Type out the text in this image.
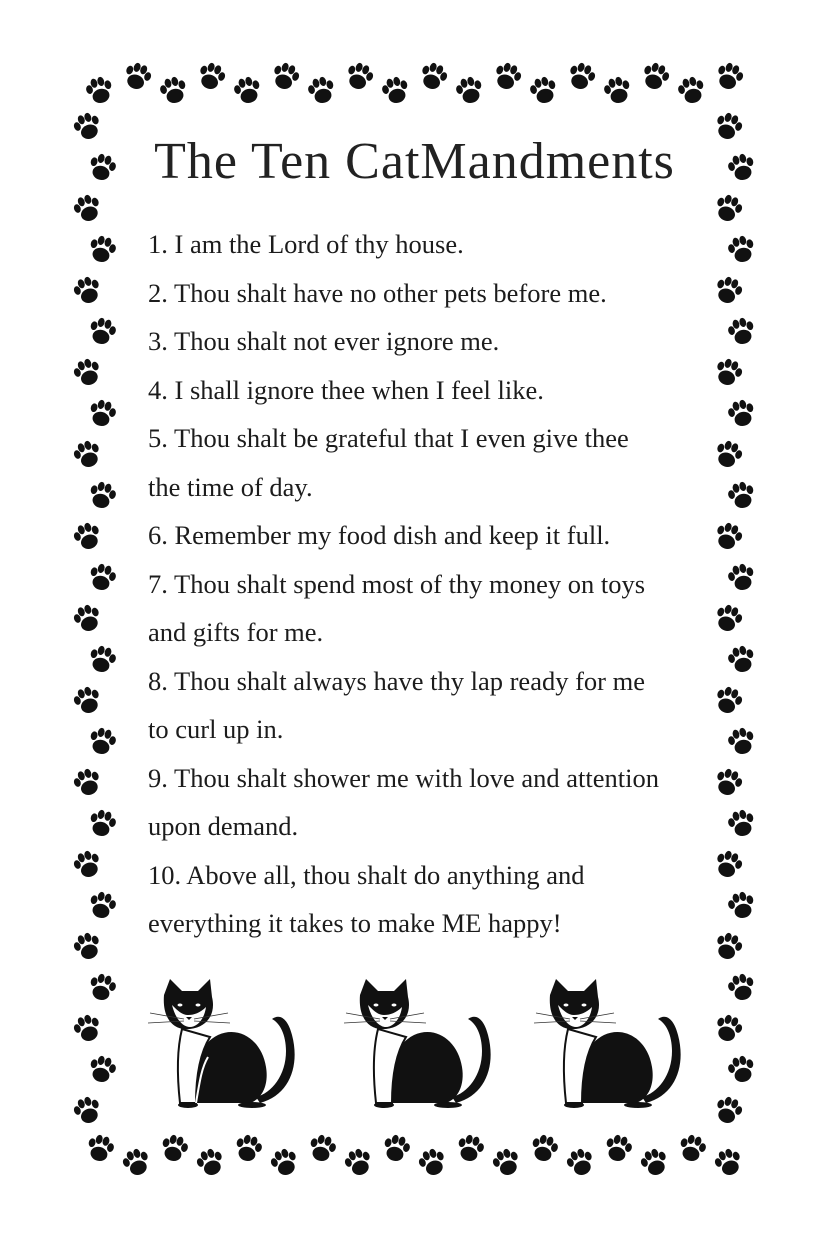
The Ten CatMandments
1. I am the Lord of thy house.
2. Thou shalt have no other pets before me.
3. Thou shalt not ever ignore me.
4. I shall ignore thee when I feel like.
5. Thou shalt be grateful that I even give thee
the time of day.
6. Remember my food dish and keep it full.
7. Thou shalt spend most of thy money on toys
and gifts for me.
8. Thou shalt always have thy lap ready for me
to curl up in.
9. Thou shalt shower me with love and attention
upon demand.
10. Above all, thou shalt do anything and
everything it takes to make ME happy!
